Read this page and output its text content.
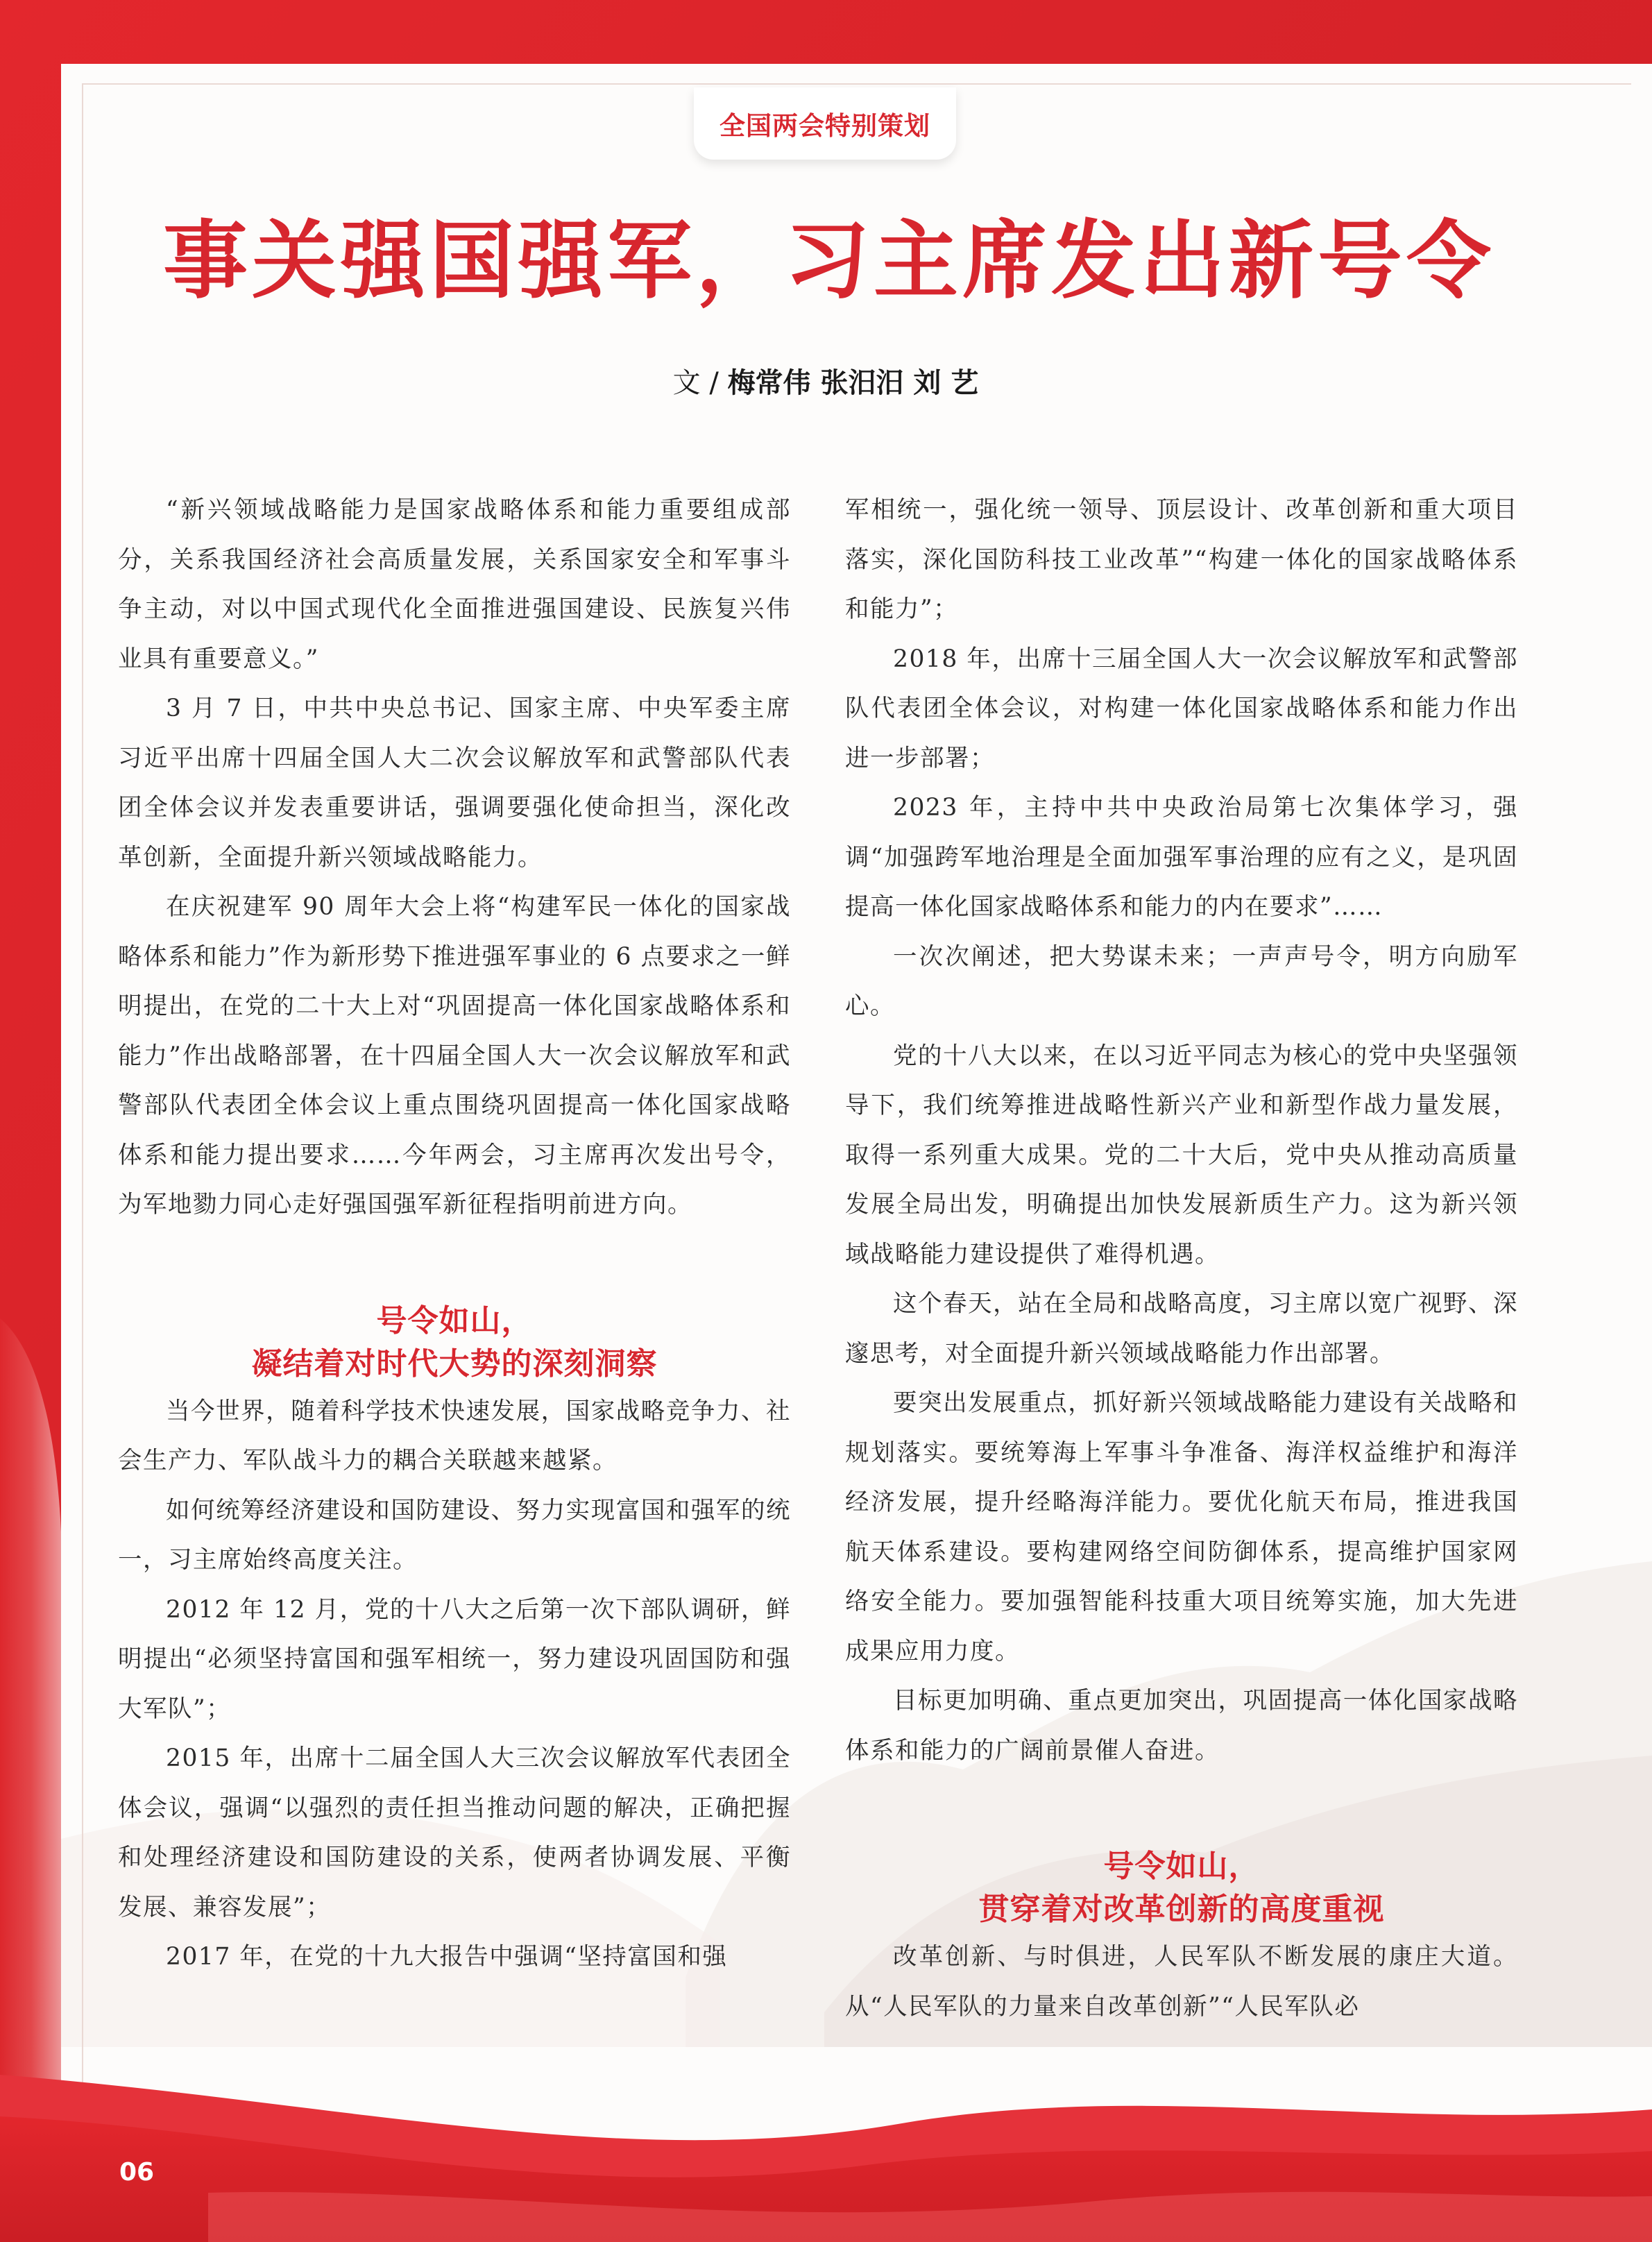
全国两会特别策划
事关强国强军，习主席发出新号令
文 / 梅常伟 张汨汨 刘 艺

“新兴领域战略能力是国家战略体系和能力重要组成部分，关系我国经济社会高质量发展，关系国家安全和军事斗争主动，对以中国式现代化全面推进强国建设、民族复兴伟业具有重要意义。”

3 月 7 日，中共中央总书记、国家主席、中央军委主席习近平出席十四届全国人大二次会议解放军和武警部队代表团全体会议并发表重要讲话，强调要强化使命担当，深化改革创新，全面提升新兴领域战略能力。

在庆祝建军 90 周年大会上将“构建军民一体化的国家战略体系和能力”作为新形势下推进强军事业的 6 点要求之一鲜明提出，在党的二十大上对“巩固提高一体化国家战略体系和能力”作出战略部署，在十四届全国人大一次会议解放军和武警部队代表团全体会议上重点围绕巩固提高一体化国家战略体系和能力提出要求……今年两会，习主席再次发出号令，为军地勠力同心走好强国强军新征程指明前进方向。

号令如山，
凝结着对时代大势的深刻洞察

当今世界，随着科学技术快速发展，国家战略竞争力、社会生产力、军队战斗力的耦合关联越来越紧。

如何统筹经济建设和国防建设、努力实现富国和强军的统一，习主席始终高度关注。

2012 年 12 月，党的十八大之后第一次下部队调研，鲜明提出“必须坚持富国和强军相统一，努力建设巩固国防和强大军队”；

2015 年，出席十二届全国人大三次会议解放军代表团全体会议，强调“以强烈的责任担当推动问题的解决，正确把握和处理经济建设和国防建设的关系，使两者协调发展、平衡发展、兼容发展”；

2017 年，在党的十九大报告中强调“坚持富国和强

军相统一，强化统一领导、顶层设计、改革创新和重大项目落实，深化国防科技工业改革”“构建一体化的国家战略体系和能力”；

2018 年，出席十三届全国人大一次会议解放军和武警部队代表团全体会议，对构建一体化国家战略体系和能力作出进一步部署；

2023 年，主持中共中央政治局第七次集体学习，强调“加强跨军地治理是全面加强军事治理的应有之义，是巩固提高一体化国家战略体系和能力的内在要求”……

一次次阐述，把大势谋未来；一声声号令，明方向励军心。

党的十八大以来，在以习近平同志为核心的党中央坚强领导下，我们统筹推进战略性新兴产业和新型作战力量发展，取得一系列重大成果。党的二十大后，党中央从推动高质量发展全局出发，明确提出加快发展新质生产力。这为新兴领域战略能力建设提供了难得机遇。

这个春天，站在全局和战略高度，习主席以宽广视野、深邃思考，对全面提升新兴领域战略能力作出部署。

要突出发展重点，抓好新兴领域战略能力建设有关战略和规划落实。要统筹海上军事斗争准备、海洋权益维护和海洋经济发展，提升经略海洋能力。要优化航天布局，推进我国航天体系建设。要构建网络空间防御体系，提高维护国家网络安全能力。要加强智能科技重大项目统筹实施，加大先进成果应用力度。

目标更加明确、重点更加突出，巩固提高一体化国家战略体系和能力的广阔前景催人奋进。

号令如山，
贯穿着对改革创新的高度重视

改革创新、与时俱进，人民军队不断发展的康庄大道。从“人民军队的力量来自改革创新”“人民军队必

06
